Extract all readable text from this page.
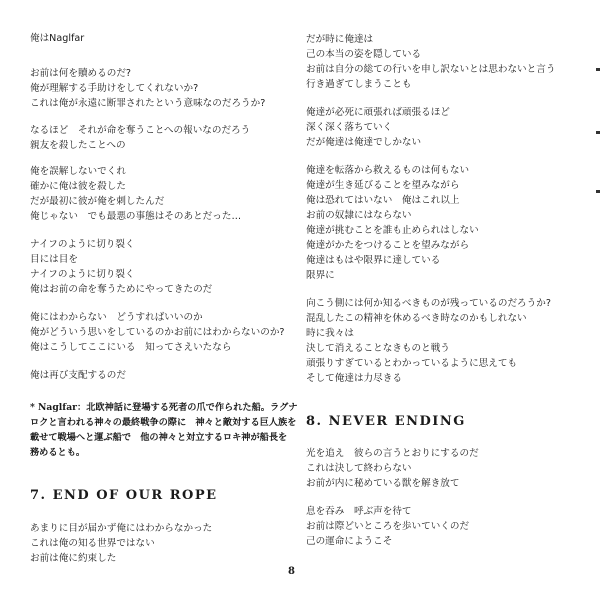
俺はNaglfar
お前は何を贖めるのだ?
俺が理解する手助けをしてくれないか?
これは俺が永遠に断罪されたという意味なのだろうか?
なるほど　それが命を奪うことへの報いなのだろう
親友を殺したことへの
俺を誤解しないでくれ
確かに俺は彼を殺した
だが最初に彼が俺を刺したんだ
俺じゃない　でも最悪の事態はそのあとだった…
ナイフのように切り裂く
目には目を
ナイフのように切り裂く
俺はお前の命を奪うためにやってきたのだ
俺にはわからない　どうすればいいのか
俺がどういう思いをしているのかお前にはわからないのか?
俺はこうしてここにいる　知ってさえいたなら
俺は再び支配するのだ
* Naglfar：北欧神話に登場する死者の爪で作られた船。ラグナ
ロクと言われる神々の最終戦争の際に　神々と敵対する巨人族を
載せて戦場へと運ぶ船で　他の神々と対立するロキ神が船長を
務めるとも。
7. END OF OUR ROPE
あまりに目が届かず俺にはわからなかった
これは俺の知る世界ではない
お前は俺に約束した
だが時に俺達は
己の本当の姿を隠している
お前は自分の総ての行いを申し訳ないとは思わないと言う
行き過ぎてしまうことも
俺達が必死に頑張れば頑張るほど
深く深く落ちていく
だが俺達は俺達でしかない
俺達を転落から救えるものは何もない
俺達が生き延びることを望みながら
俺は恐れてはいない　俺はこれ以上
お前の奴隷にはならない
俺達が挑むことを誰も止められはしない
俺達がかたをつけることを望みながら
俺達はもはや限界に達している
限界に
向こう側には何か知るべきものが残っているのだろうか?
混乱したこの精神を休めるべき時なのかもしれない
時に我々は
決して消えることなきものと戦う
頑張りすぎているとわかっているように思えても
そして俺達は力尽きる
8. NEVER ENDING
光を追え　彼らの言うとおりにするのだ
これは決して終わらない
お前が内に秘めている獣を解き放て
息を吞み　呼ぶ声を待て
お前は際どいところを歩いていくのだ
己の運命にようこそ
8
